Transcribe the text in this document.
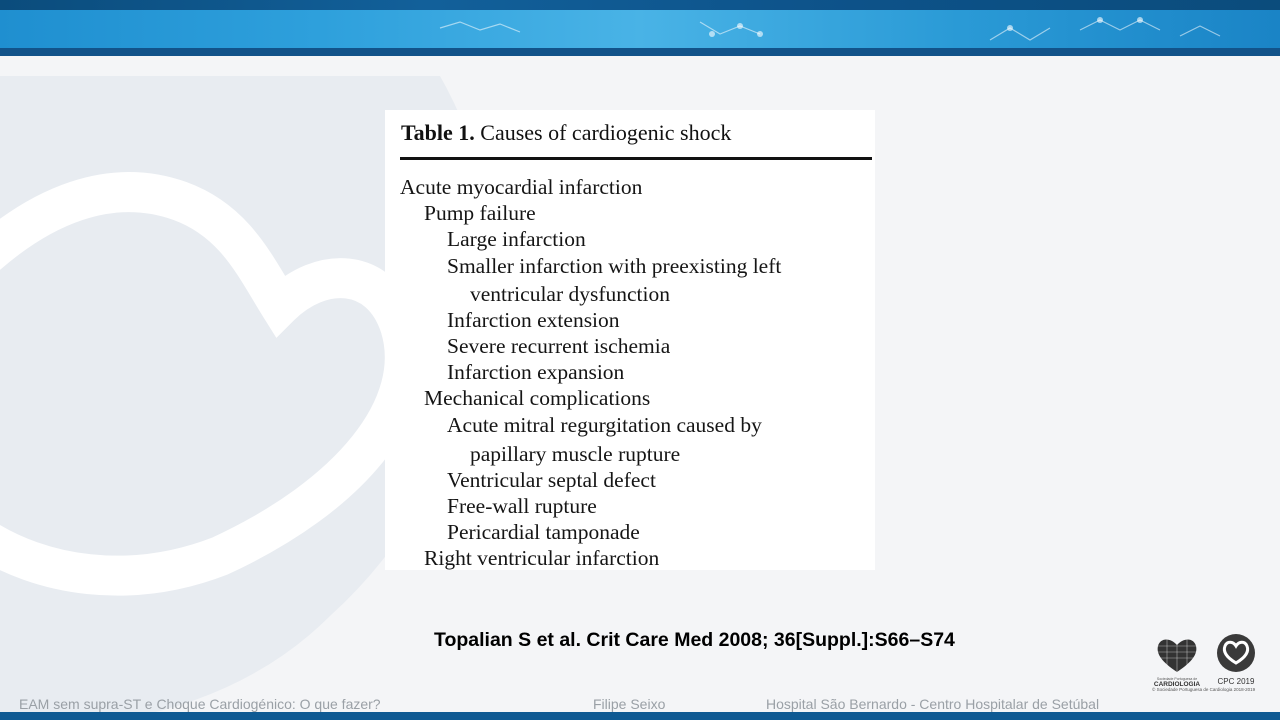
Table 1. Causes of cardiogenic shock
Acute myocardial infarction
Pump failure
Large infarction
Smaller infarction with preexisting left
ventricular dysfunction
Infarction extension
Severe recurrent ischemia
Infarction expansion
Mechanical complications
Acute mitral regurgitation caused by
papillary muscle rupture
Ventricular septal defect
Free-wall rupture
Pericardial tamponade
Right ventricular infarction
Topalian S et al. Crit Care Med 2008; 36[Suppl.]:S66–S74
Sociedade Portuguesa de
CARDIOLOGIA CPC 2019
© Sociedade Portuguesa de Cardiologia 2018-2019
EAM sem supra-ST e Choque Cardiogénico: O que fazer?	Filipe Seixo	Hospital São Bernardo - Centro Hospitalar de Setúbal
